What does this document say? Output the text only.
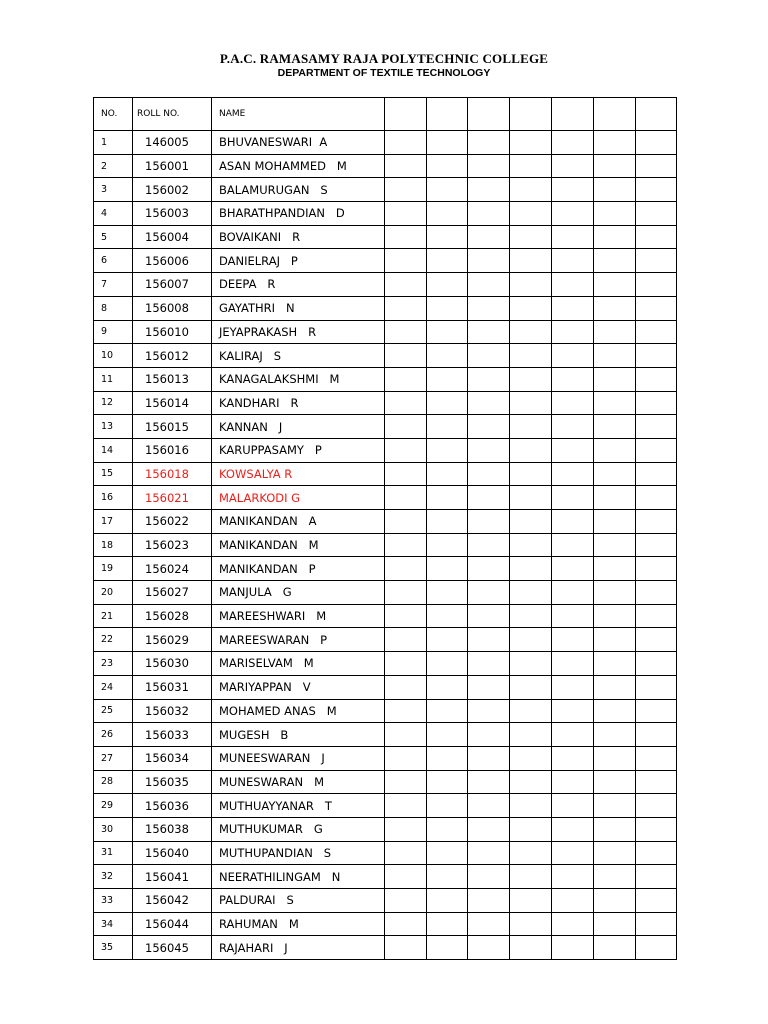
P.A.C. RAMASAMY RAJA POLYTECHNIC COLLEGE
DEPARTMENT OF TEXTILE TECHNOLOGY
NO.	ROLL NO.	NAME							
1	146005	BHUVANESWARI  A							
2	156001	ASAN MOHAMMED   M							
3	156002	BALAMURUGAN   S							
4	156003	BHARATHPANDIAN   D							
5	156004	BOVAIKANI   R							
6	156006	DANIELRAJ   P							
7	156007	DEEPA   R							
8	156008	GAYATHRI   N							
9	156010	JEYAPRAKASH   R							
10	156012	KALIRAJ   S							
11	156013	KANAGALAKSHMI   M							
12	156014	KANDHARI   R							
13	156015	KANNAN   J							
14	156016	KARUPPASAMY   P							
15	156018	KOWSALYA R							
16	156021	MALARKODI G							
17	156022	MANIKANDAN   A							
18	156023	MANIKANDAN   M							
19	156024	MANIKANDAN   P							
20	156027	MANJULA   G							
21	156028	MAREESHWARI   M							
22	156029	MAREESWARAN   P							
23	156030	MARISELVAM   M							
24	156031	MARIYAPPAN   V							
25	156032	MOHAMED ANAS   M							
26	156033	MUGESH   B							
27	156034	MUNEESWARAN   J							
28	156035	MUNESWARAN   M							
29	156036	MUTHUAYYANAR   T							
30	156038	MUTHUKUMAR   G							
31	156040	MUTHUPANDIAN   S							
32	156041	NEERATHILINGAM   N							
33	156042	PALDURAI   S							
34	156044	RAHUMAN   M							
35	156045	RAJAHARI   J							
